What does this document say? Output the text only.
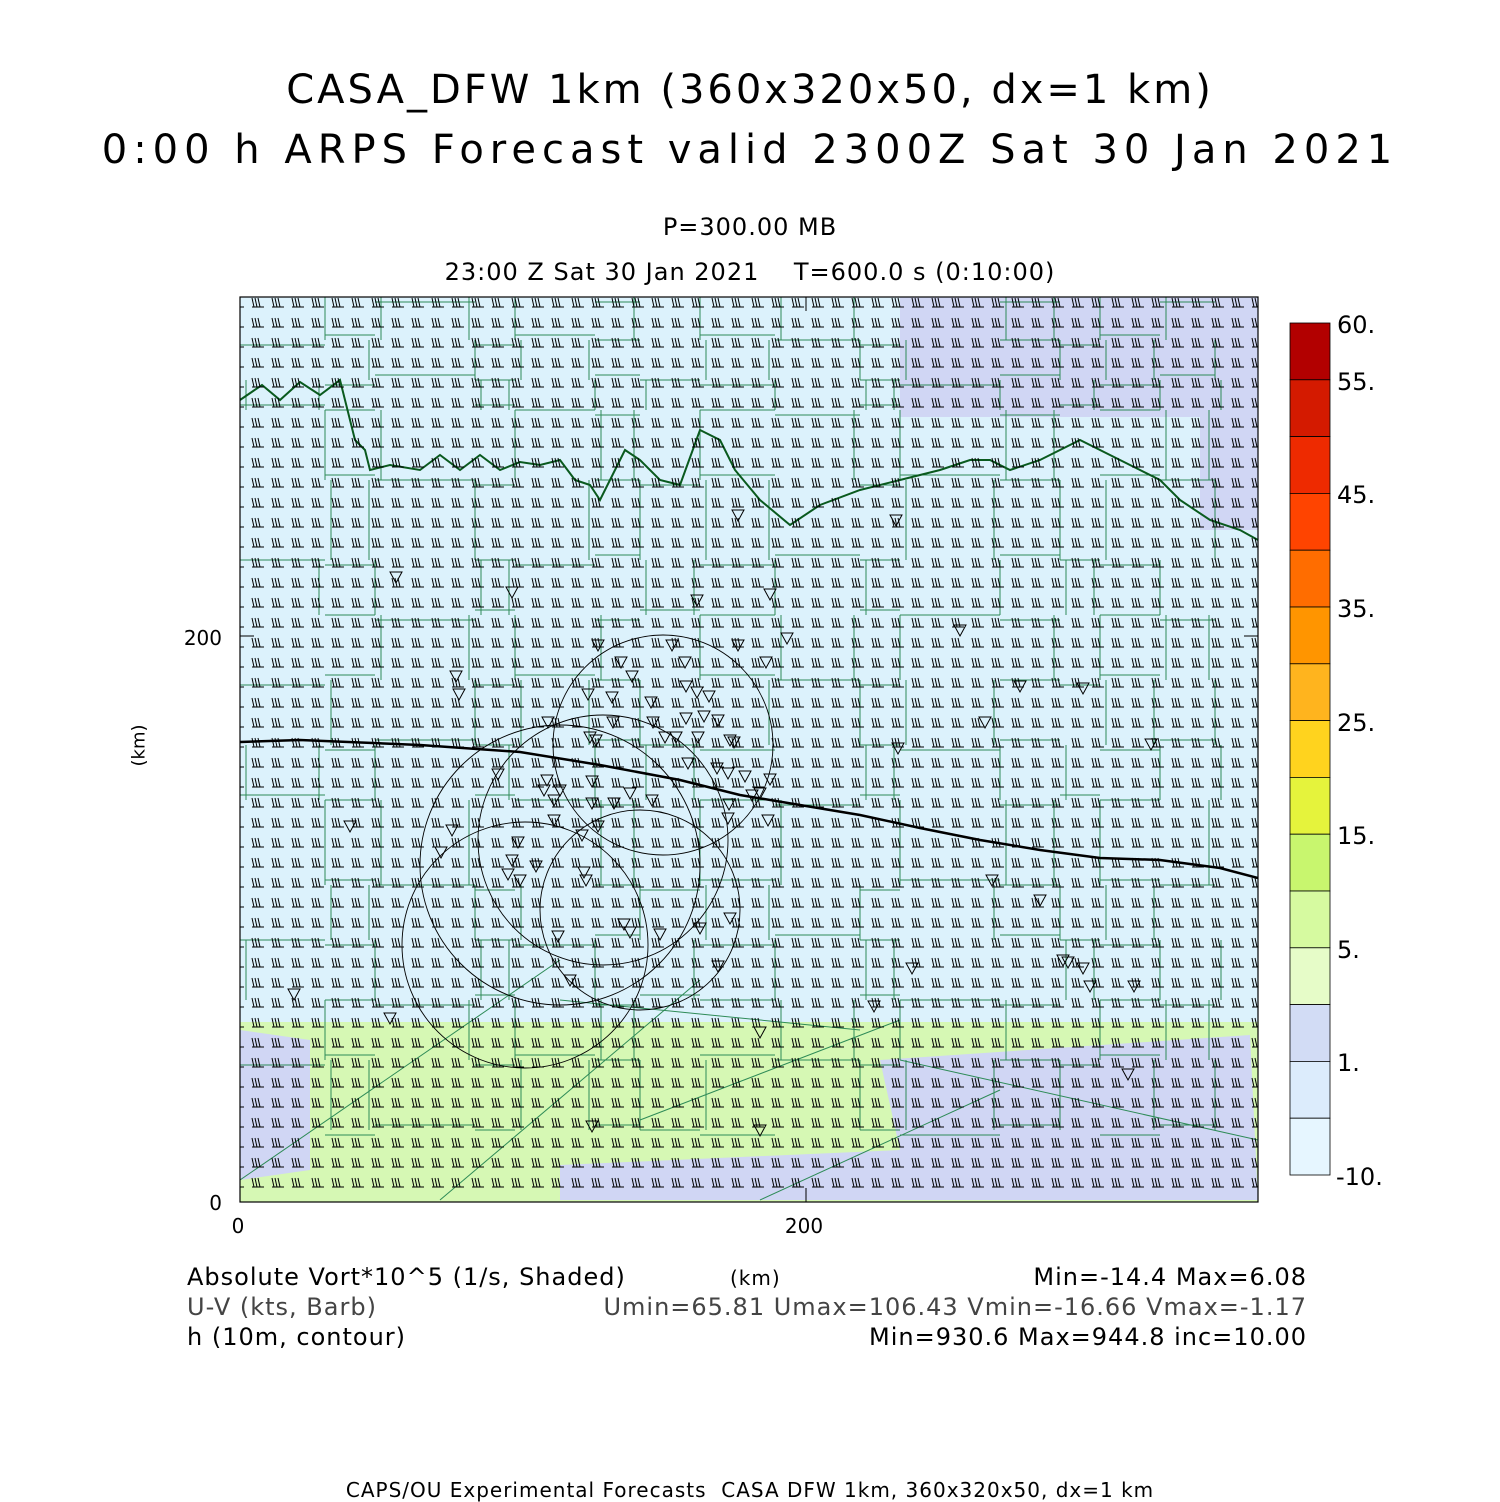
CASA_DFW 1km (360x320x50, dx=1 km)
0:00 h ARPS Forecast valid 2300Z Sat 30 Jan 2021
P=300.00 MB
23:00 Z Sat 30 Jan 2021    T=600.0 s (0:10:00)
200
0
0	200
(km)
60.
55.
45.
35.
25.
15.
5.
1.
-10.
Absolute Vort*10^5 (1/s, Shaded)
U-V (kts, Barb)
h (10m, contour)
(km)	Min=-14.4 Max=6.08
Umin=65.81 Umax=106.43 Vmin=-16.66 Vmax=-1.17
Min=930.6 Max=944.8 inc=10.00
CAPS/OU Experimental Forecasts  CASA DFW 1km, 360x320x50, dx=1 km
